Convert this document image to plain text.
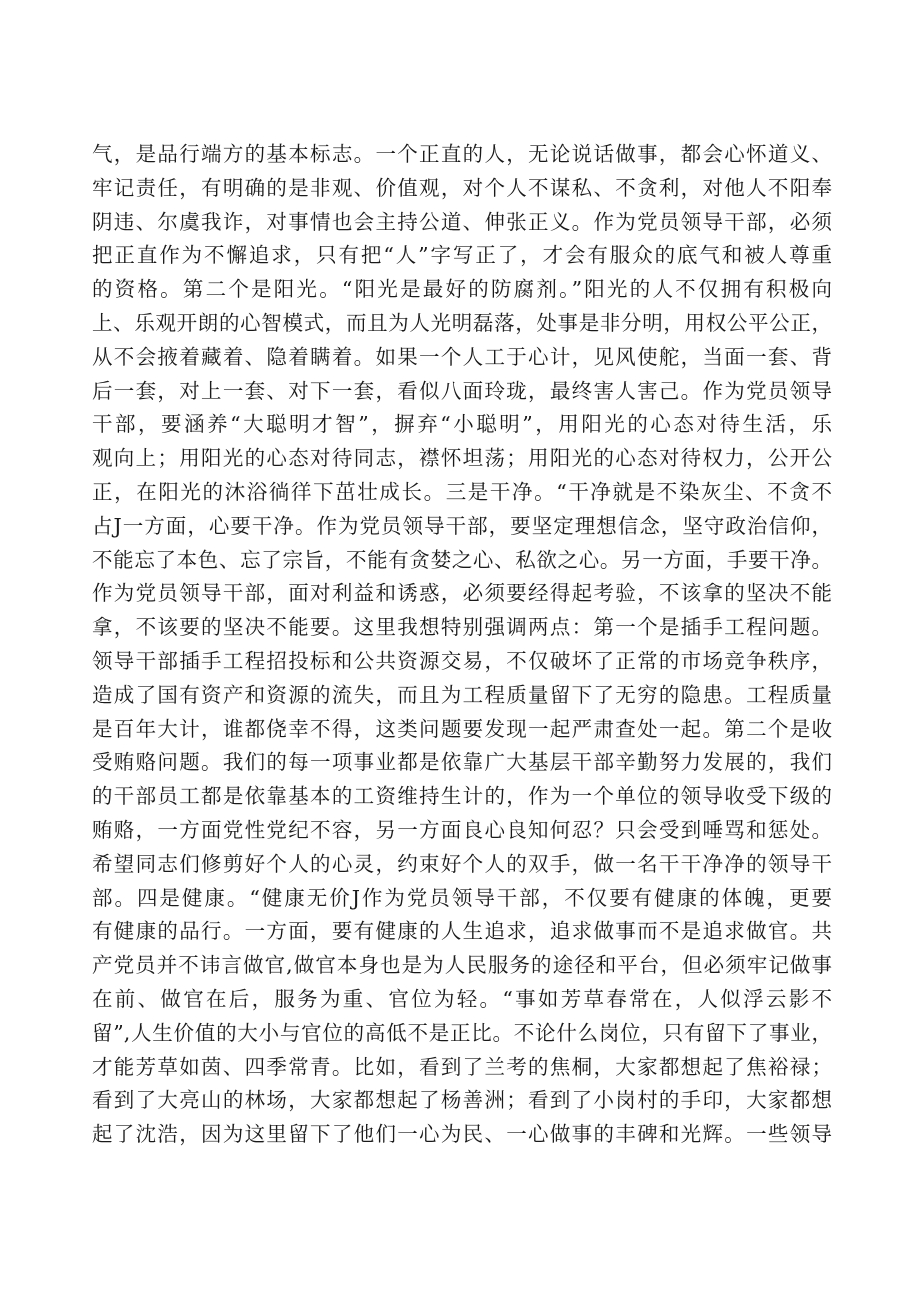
气，是品行端方的基本标志。一个正直的人，无论说话做事，都会心怀道义、
牢记责任，有明确的是非观、价值观，对个人不谋私、不贪利，对他人不阳奉
阴违、尔虞我诈，对事情也会主持公道、伸张正义。作为党员领导干部，必须
把正直作为不懈追求，只有把“人”字写正了，才会有服众的底气和被人尊重
的资格。第二个是阳光。“阳光是最好的防腐剂。”阳光的人不仅拥有积极向
上、乐观开朗的心智模式，而且为人光明磊落，处事是非分明，用权公平公正，
从不会掖着藏着、隐着瞒着。如果一个人工于心计，见风使舵，当面一套、背
后一套，对上一套、对下一套，看似八面玲珑，最终害人害己。作为党员领导
干部，要涵养“大聪明才智”，摒弃“小聪明”，用阳光的心态对待生活，乐
观向上；用阳光的心态对待同志，襟怀坦荡；用阳光的心态对待权力，公开公
正，在阳光的沐浴徜徉下茁壮成长。三是干净。“干净就是不染灰尘、不贪不
占J一方面，心要干净。作为党员领导干部，要坚定理想信念，坚守政治信仰，
不能忘了本色、忘了宗旨，不能有贪婪之心、私欲之心。另一方面，手要干净。
作为党员领导干部，面对利益和诱惑，必须要经得起考验，不该拿的坚决不能
拿，不该要的坚决不能要。这里我想特别强调两点：第一个是插手工程问题。
领导干部插手工程招投标和公共资源交易，不仅破坏了正常的市场竞争秩序，
造成了国有资产和资源的流失，而且为工程质量留下了无穷的隐患。工程质量
是百年大计，谁都侥幸不得，这类问题要发现一起严肃查处一起。第二个是收
受贿赂问题。我们的每一项事业都是依靠广大基层干部辛勤努力发展的，我们
的干部员工都是依靠基本的工资维持生计的，作为一个单位的领导收受下级的
贿赂，一方面党性党纪不容，另一方面良心良知何忍？只会受到唾骂和惩处。
希望同志们修剪好个人的心灵，约束好个人的双手，做一名干干净净的领导干
部。四是健康。“健康无价J作为党员领导干部，不仅要有健康的体魄，更要
有健康的品行。一方面，要有健康的人生追求，追求做事而不是追求做官。共
产党员并不讳言做官,做官本身也是为人民服务的途径和平台，但必须牢记做事
在前、做官在后，服务为重、官位为轻。“事如芳草春常在，人似浮云影不
留”,人生价值的大小与官位的高低不是正比。不论什么岗位，只有留下了事业，
才能芳草如茵、四季常青。比如，看到了兰考的焦桐，大家都想起了焦裕禄；
看到了大亮山的林场，大家都想起了杨善洲；看到了小岗村的手印，大家都想
起了沈浩，因为这里留下了他们一心为民、一心做事的丰碑和光辉。一些领导
